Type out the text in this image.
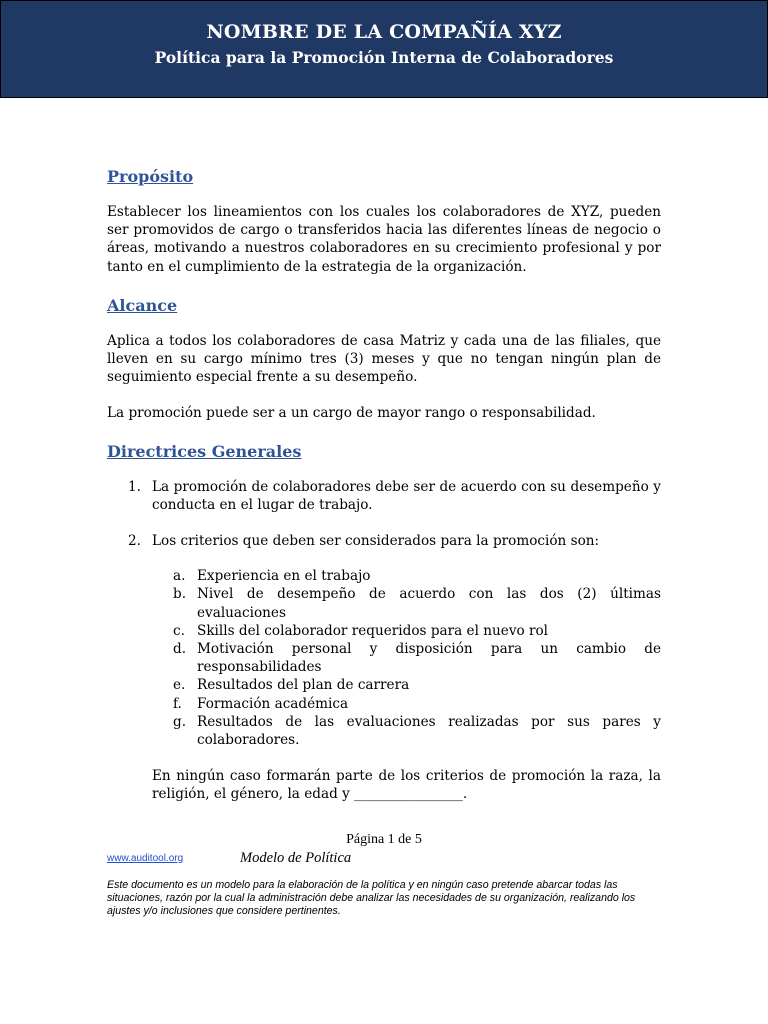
NOMBRE DE LA COMPAÑÍA XYZ
Política para la Promoción Interna de Colaboradores
Propósito

Establecer los lineamientos con los cuales los colaboradores de XYZ, pueden ser promovidos de cargo o transferidos hacia las diferentes líneas de negocio o áreas, motivando a nuestros colaboradores en su crecimiento profesional y por tanto en el cumplimiento de la estrategia de la organización.

Alcance

Aplica a todos los colaboradores de casa Matriz y cada una de las filiales, que lleven en su cargo mínimo tres (3) meses y que no tengan ningún plan de seguimiento especial frente a su desempeño.

La promoción puede ser a un cargo de mayor rango o responsabilidad.

Directrices Generales
1. La promoción de colaboradores debe ser de acuerdo con su desempeño y conducta en el lugar de trabajo.
2. Los criterios que deben ser considerados para la promoción son:
a. Experiencia en el trabajo
b. Nivel de desempeño de acuerdo con las dos (2) últimas evaluaciones
c. Skills del colaborador requeridos para el nuevo rol
d. Motivación personal y disposición para un cambio de responsabilidades
e. Resultados del plan de carrera
f. Formación académica
g. Resultados de las evaluaciones realizadas por sus pares y colaboradores.

En ningún caso formarán parte de los criterios de promoción la raza, la religión, el género, la edad y ________________.

Página 1 de 5
www.auditool.org	Modelo de Política
Este documento es un modelo para la elaboración de la política y en ningún caso pretende abarcar todas las situaciones, razón por la cual la administración debe analizar las necesidades de su organización, realizando los ajustes y/o inclusiones que considere pertinentes.
